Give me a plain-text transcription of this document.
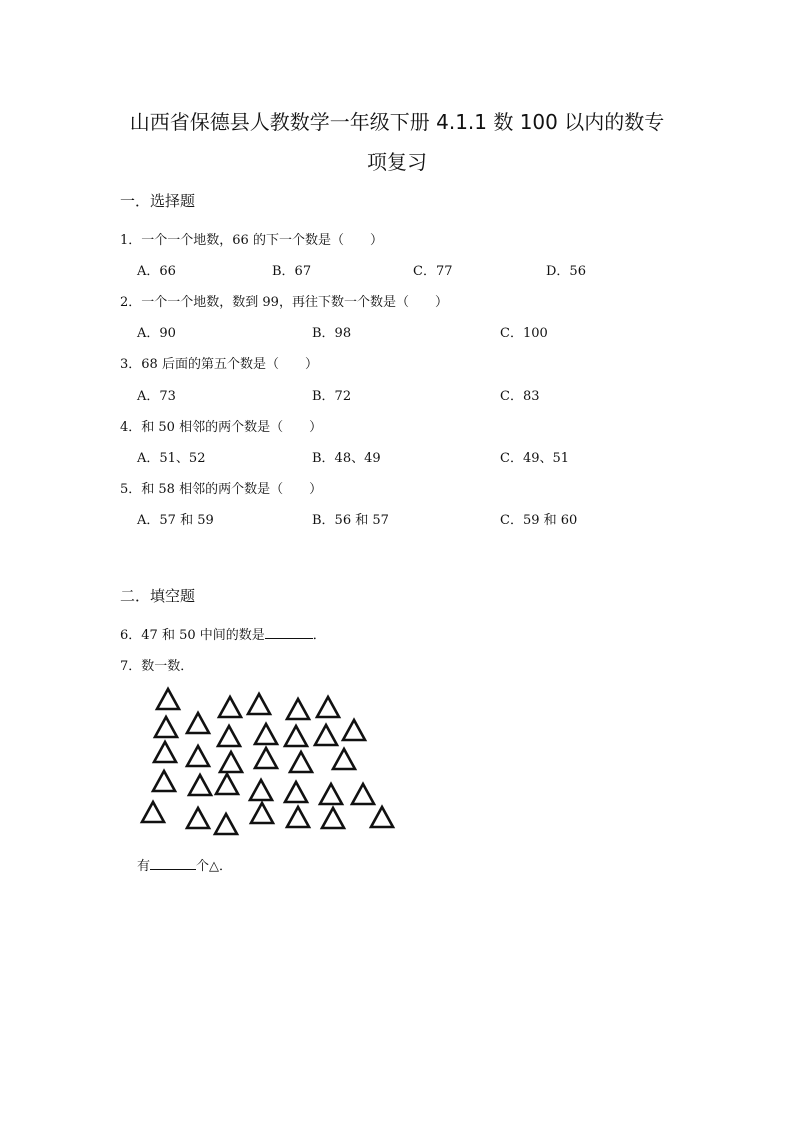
山西省保德县人教数学一年级下册 4.1.1 数 100 以内的数专
项复习
一．选择题
1．一个一个地数，66 的下一个数是（　　）
A．66	B．67	C．77	D．56
2．一个一个地数，数到 99，再往下数一个数是（　　）
A．90	B．98	C．100
3．68 后面的第五个数是（　　）
A．73	B．72	C．83
4．和 50 相邻的两个数是（　　）
A．51、52	B．48、49	C．49、51
5．和 58 相邻的两个数是（　　）
A．57 和 59	B．56 和 57	C．59 和 60
二．填空题
6．47 和 50 中间的数是	．
7．数一数．
有	个△．
